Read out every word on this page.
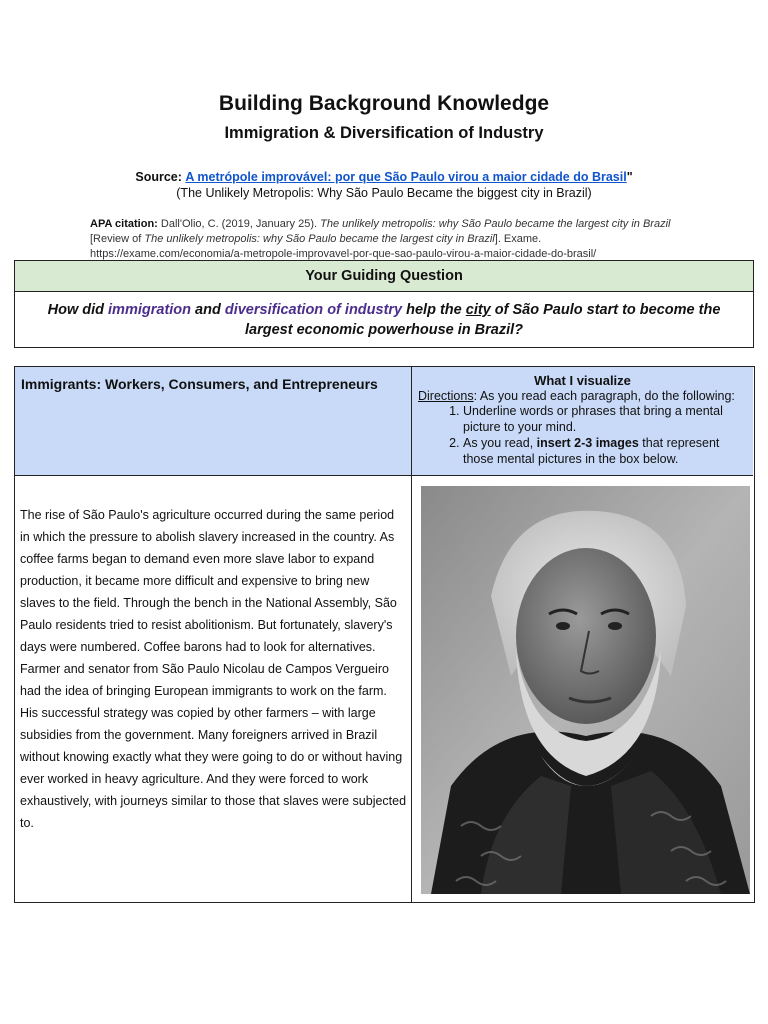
Building Background Knowledge
Immigration & Diversification of Industry
Source: A metrópole improvável: por que São Paulo virou a maior cidade do Brasil"
(The Unlikely Metropolis: Why São Paulo Became the biggest city in Brazil)
APA citation: Dall'Olio, C. (2019, January 25). The unlikely metropolis: why São Paulo became the largest city in Brazil [Review of The unlikely metropolis: why São Paulo became the largest city in Brazil]. Exame. https://exame.com/economia/a-metropole-improvavel-por-que-sao-paulo-virou-a-maior-cidade-do-brasil/
Your Guiding Question
How did immigration and diversification of industry help the city of São Paulo start to become the largest economic powerhouse in Brazil?
Immigrants: Workers, Consumers, and Entrepreneurs	What I visualize
Directions: As you read each paragraph, do the following:
1. Underline words or phrases that bring a mental picture to your mind.
2. As you read, insert 2-3 images that represent those mental pictures in the box below.

The rise of São Paulo's agriculture occurred during the same period in which the pressure to abolish slavery increased in the country. As coffee farms began to demand even more slave labor to expand production, it became more difficult and expensive to bring new slaves to the field. Through the bench in the National Assembly, São Paulo residents tried to resist abolitionism. But fortunately, slavery's days were numbered. Coffee barons had to look for alternatives.

Farmer and senator from São Paulo Nicolau de Campos Vergueiro had the idea of bringing European immigrants to work on the farm. His successful strategy was copied by other farmers – with large subsidies from the government. Many foreigners arrived in Brazil without knowing exactly what they were going to do or without having ever worked in heavy agriculture. And they were forced to work exhaustively, with journeys similar to those that slaves were subjected to.
